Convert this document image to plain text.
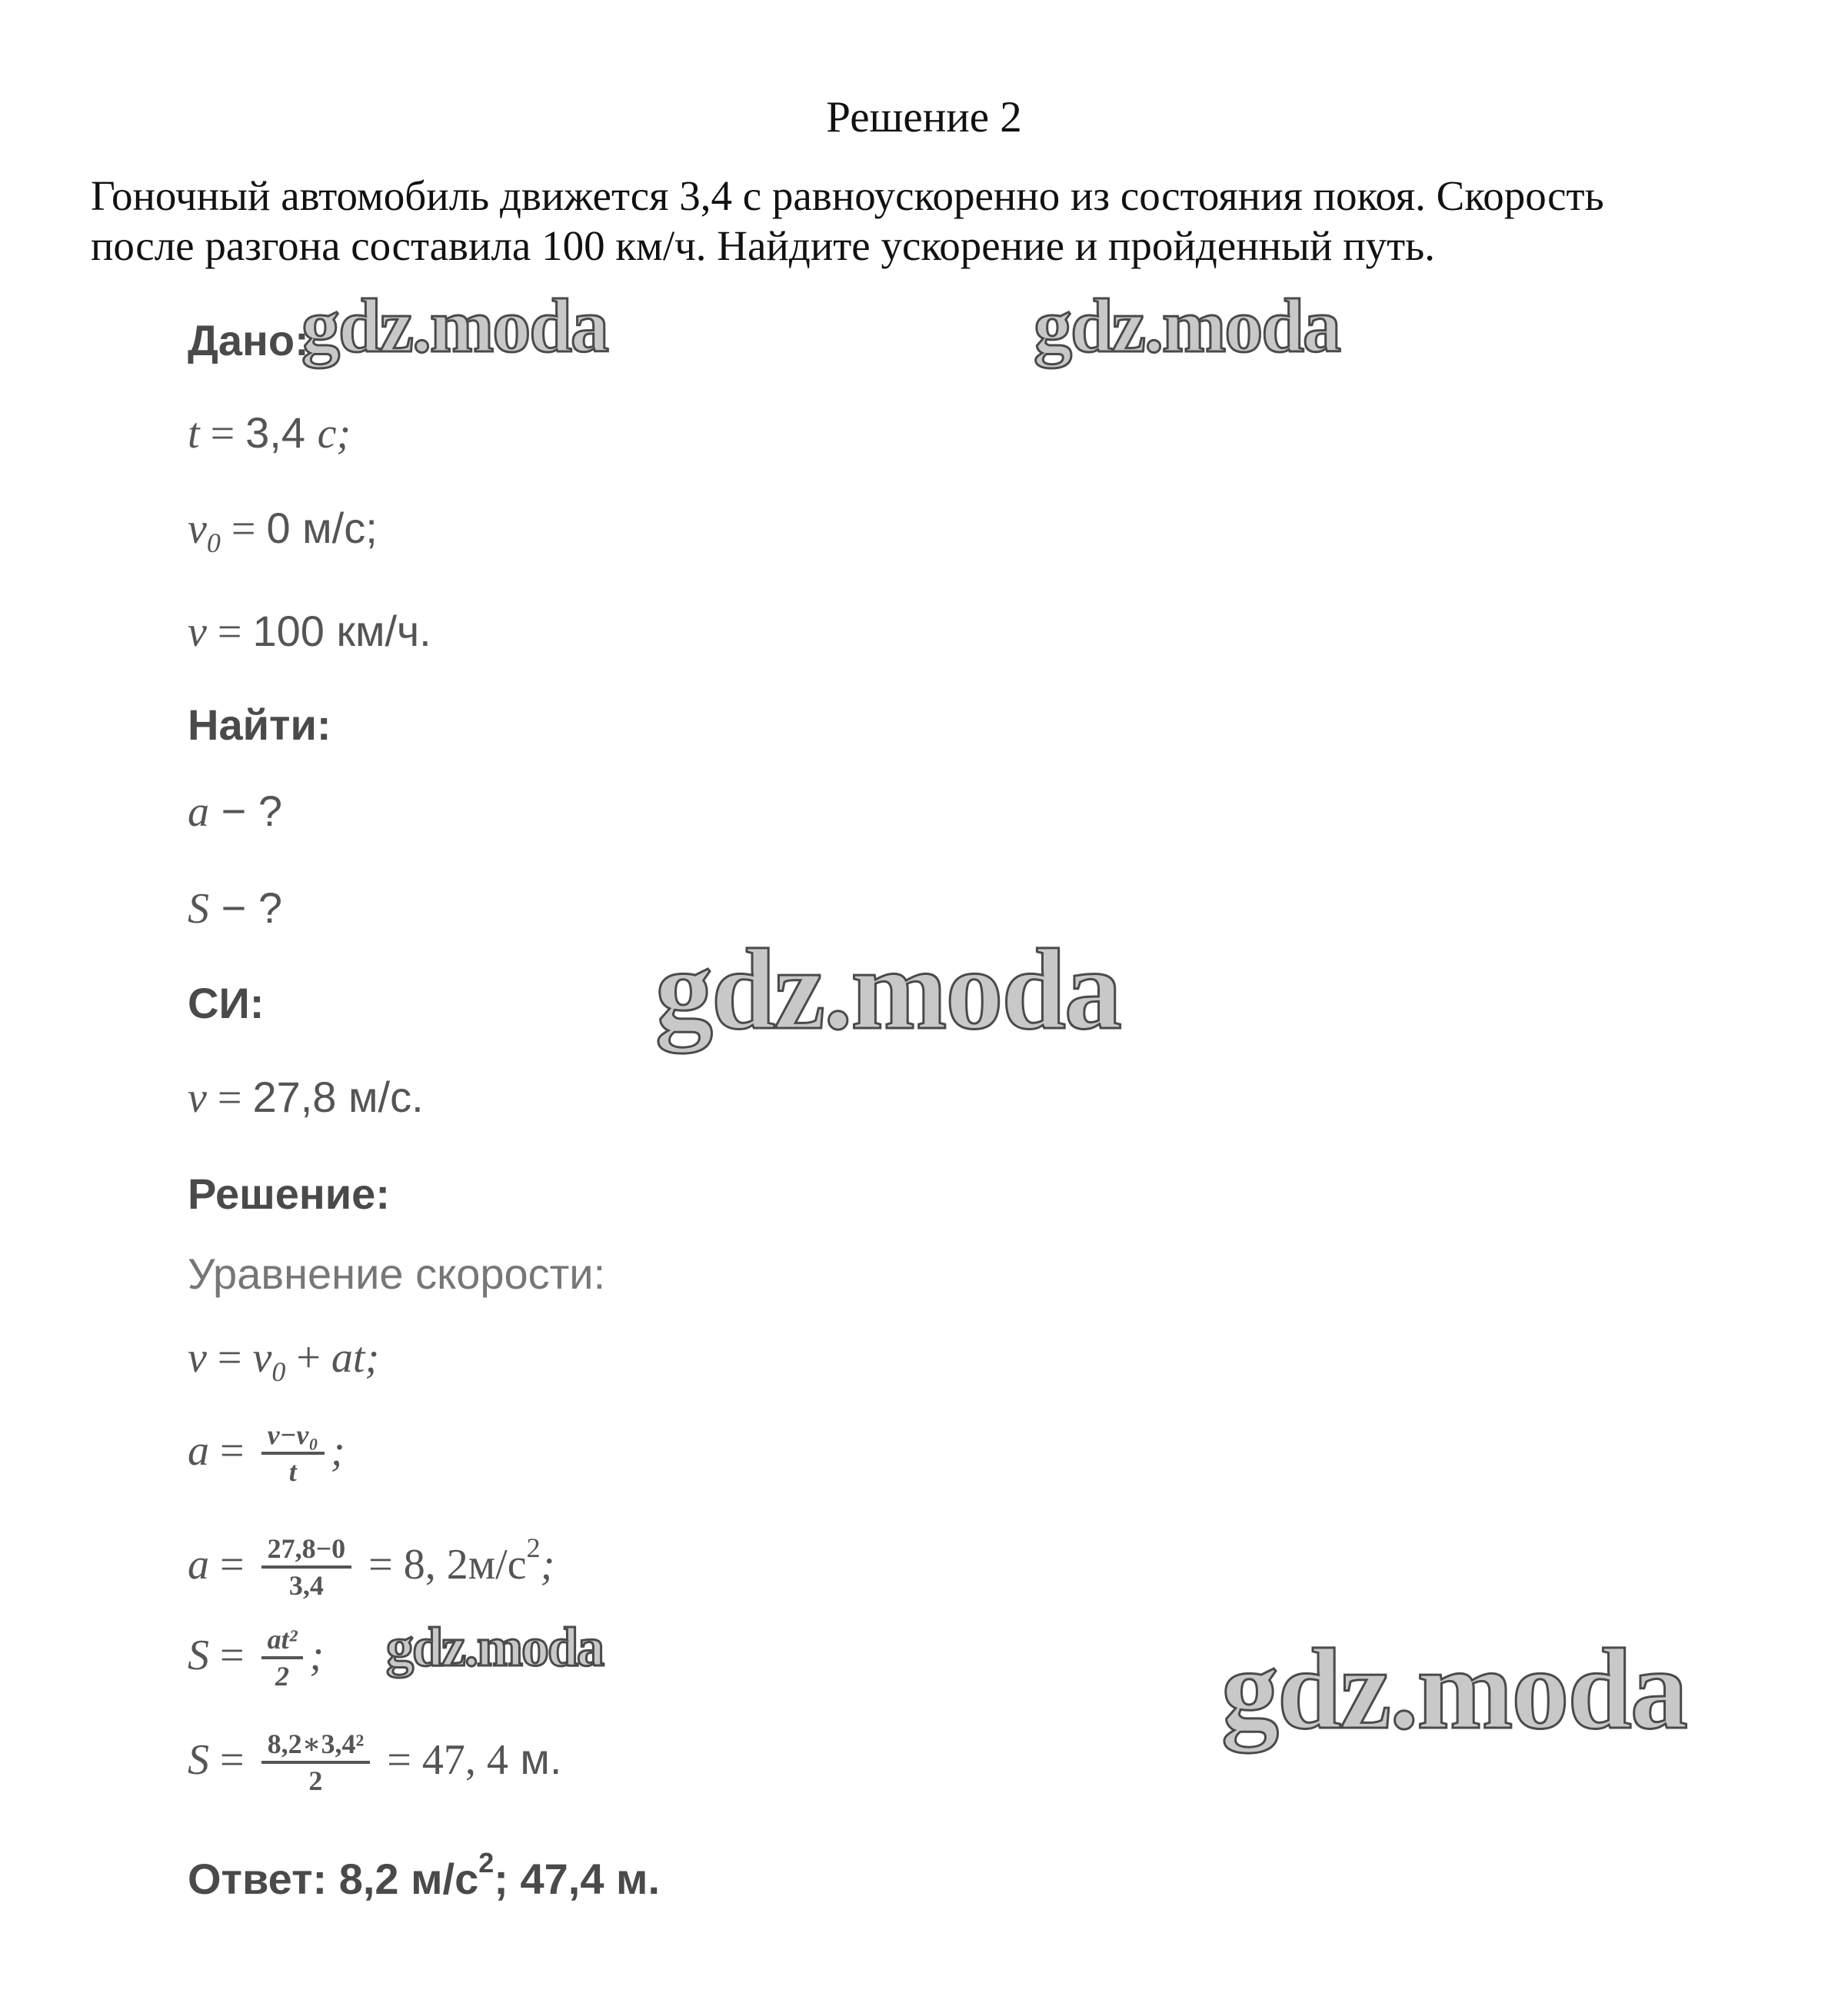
Решение 2
Гоночный автомобиль движется 3,4 с равноускоренно из состояния покоя. Скорость
после разгона составила 100 км/ч. Найдите ускорение и пройденный путь.
Дано:
t = 3,4 с;
$v_0 = 0$ м/с;
v = 100 км/ч.
Найти:
a − ?
S − ?
СИ:
v = 27,8 м/с.
Решение:
Уравнение скорости:
$v = v_0$ + at;
$a = \frac{\text{v−v₀}}{t}$ ;
$a = \frac{27,8-0}{3,4} = 8$, $2м/с^2$;
$S = \frac{\text{at²}}{2}$ ;
$S = \frac{\text{8,2∗3,4²}}{2} = 47$, 4 м.
Ответ: 8,2 $м/с^2$; 47,4 м.
gdz.moda	gdz.moda
gdz.moda
gdz.moda	gdz.moda
